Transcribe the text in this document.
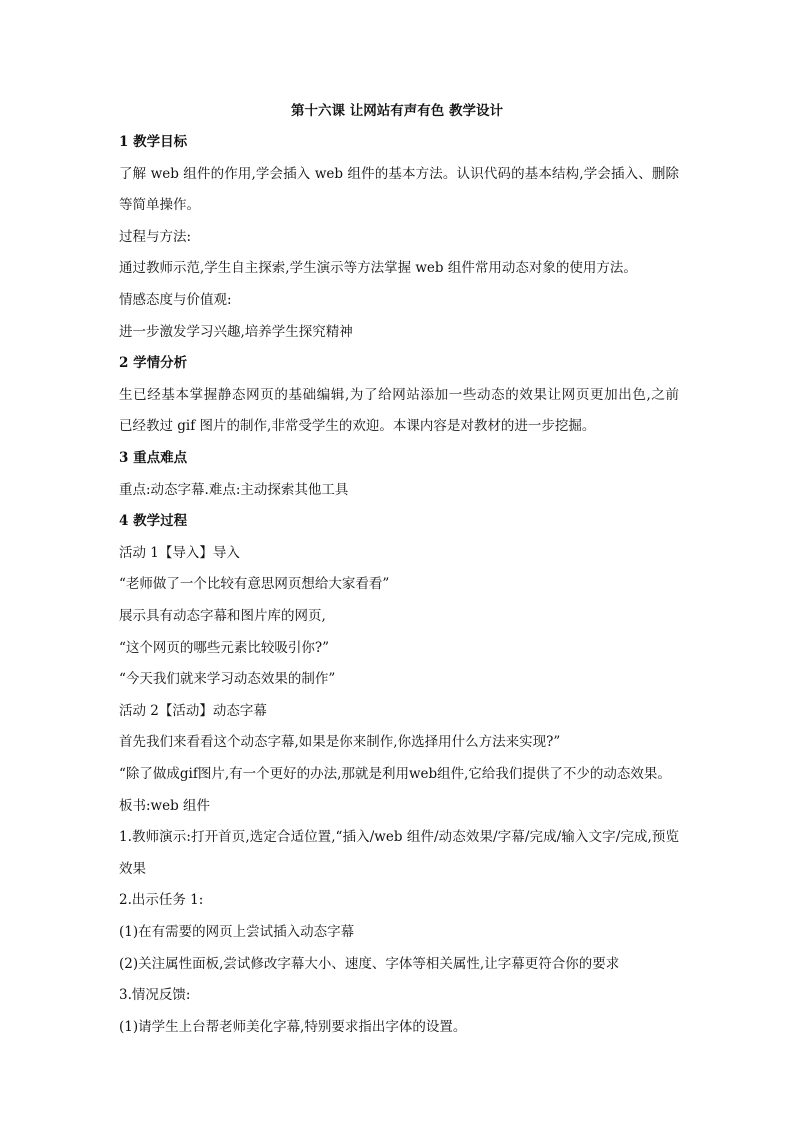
第十六课 让网站有声有色 教学设计
1 教学目标
了解 web 组件的作用,学会插入 web 组件的基本方法。认识代码的基本结构,学会插入、删除
等简单操作。
过程与方法:
通过教师示范,学生自主探索,学生演示等方法掌握 web 组件常用动态对象的使用方法。
情感态度与价值观:
进一步激发学习兴趣,培养学生探究精神
2 学情分析
生已经基本掌握静态网页的基础编辑,为了给网站添加一些动态的效果让网页更加出色,之前
已经教过 gif 图片的制作,非常受学生的欢迎。本课内容是对教材的进一步挖掘。
3 重点难点
重点:动态字幕.难点:主动探索其他工具
4 教学过程
活动 1【导入】导入
“老师做了一个比较有意思网页想给大家看看”
展示具有动态字幕和图片库的网页,
“这个网页的哪些元素比较吸引你?”
“今天我们就来学习动态效果的制作”
活动 2【活动】动态字幕
首先我们来看看这个动态字幕,如果是你来制作,你选择用什么方法来实现?”
“除了做成gif图片,有一个更好的办法,那就是利用web组件,它给我们提供了不少的动态效果。
板书:web 组件
1.教师演示:打开首页,选定合适位置,“插入/web 组件/动态效果/字幕/完成/输入文字/完成,预览
效果
2.出示任务 1:
(1)在有需要的网页上尝试插入动态字幕
(2)关注属性面板,尝试修改字幕大小、速度、字体等相关属性,让字幕更符合你的要求
3.情况反馈:
(1)请学生上台帮老师美化字幕,特别要求指出字体的设置。
